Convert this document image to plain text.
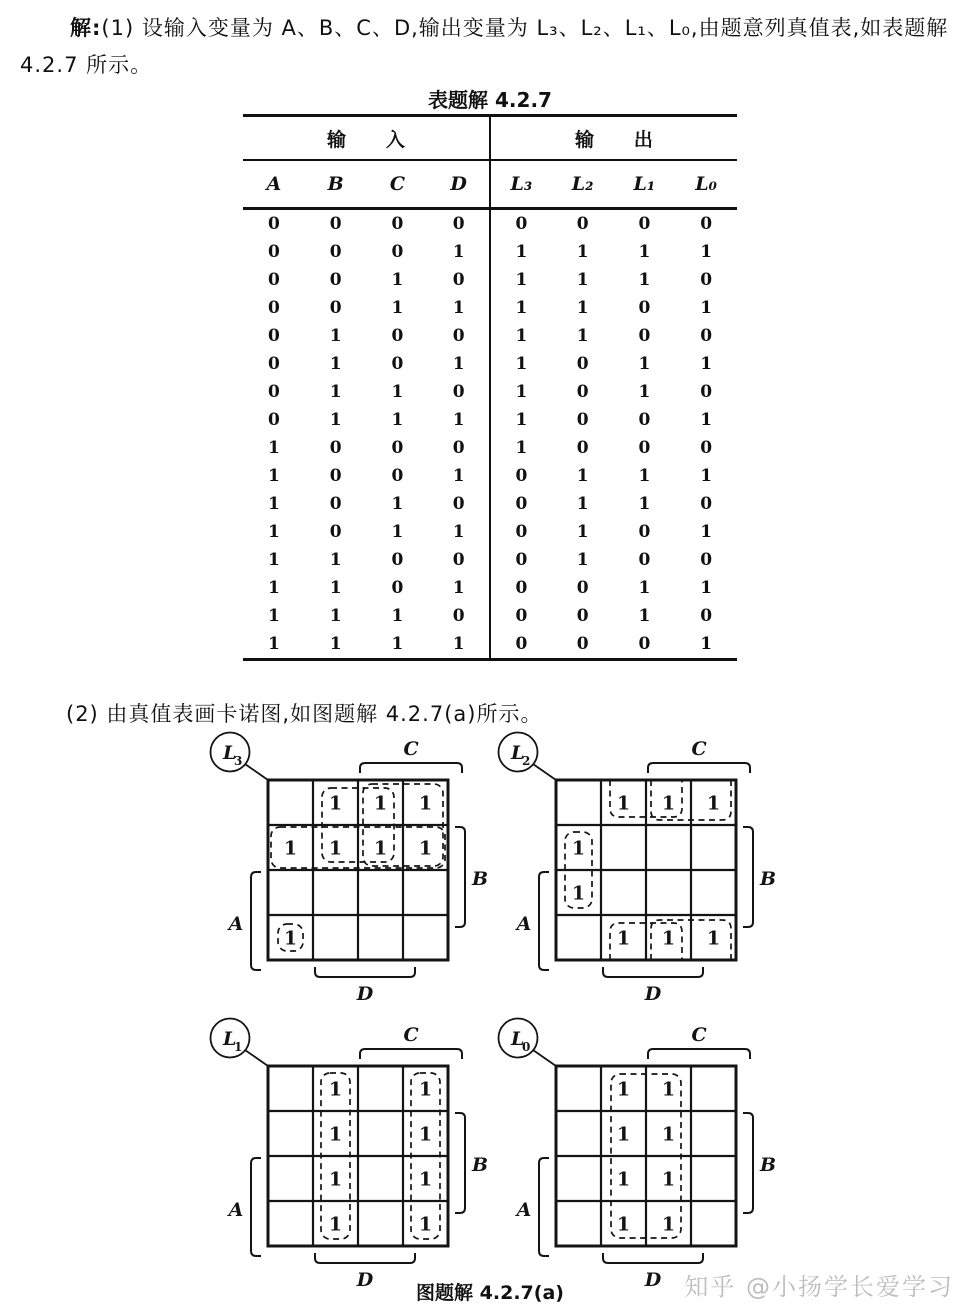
解:(1) 设输入变量为 A、B、C、D,输出变量为 L₃、L₂、L₁、L₀,由题意列真值表,如表题解
4.2.7 所示。
表题解 4.2.7
输入				输出			
A	B	C	D	L₃	L₂	L₁	L₀
0	0	0	0	0	0	0	0
0	0	0	1	1	1	1	1
0	0	1	0	1	1	1	0
0	0	1	1	1	1	0	1
0	1	0	0	1	1	0	0
0	1	0	1	1	0	1	1
0	1	1	0	1	0	1	0
0	1	1	1	1	0	0	1
1	0	0	0	1	0	0	0
1	0	0	1	0	1	1	1
1	0	1	0	0	1	1	0
1	0	1	1	0	1	0	1
1	1	0	0	0	1	0	0
1	1	0	1	0	0	1	1
1	1	1	0	0	0	1	0
1	1	1	1	0	0	0	1
(2) 由真值表画卡诺图,如图题解 4.2.7(a)所示。
1 1 1
1 1 1 1
1
C
D
B
A
L
3
1 1 1
1
1
1 1 1
C
D
B
A
L
2
1	1
1	1
1	1
1	1
C
D
B
A
L
1
1 1
1 1
1 1
1 1
C
D
B
A
L
0
图题解 4.2.7(a)	知乎 @小扬学长爱学习
